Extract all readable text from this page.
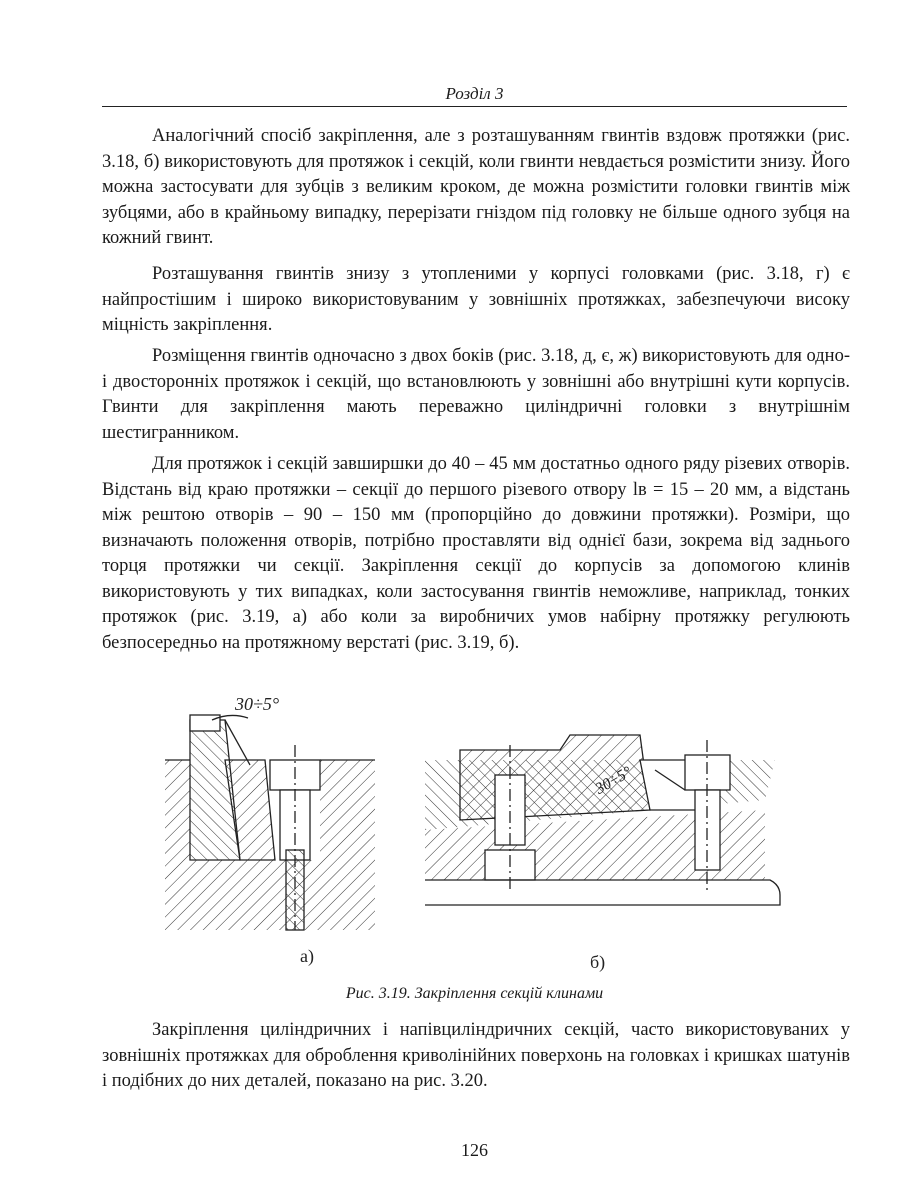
Розділ 3

Аналогічний спосіб закріплення, але з розташуванням гвинтів вздовж протяжки (рис. 3.18, б) використовують для протяжок і секцій, коли гвинти невдається розмістити знизу. Його можна застосувати для зубців з великим кроком, де можна розмістити головки гвинтів між зубцями, або в крайньому випадку, перерізати гніздом під головку не більше одного зубця на кожний гвинт.

Розташування гвинтів знизу з утопленими у корпусі головками (рис. 3.18, г) є найпростішим і широко використовуваним у зовнішніх протяжках, забезпечуючи високу міцність закріплення.

Розміщення гвинтів одночасно з двох боків (рис. 3.18, д, є, ж) використовують для одно- і двосторонніх протяжок і секцій, що встановлюють у зовнішні або внутрішні кути корпусів. Гвинти для закріплення мають переважно циліндричні головки з внутрішнім шестигранником.

Для протяжок і секцій завширшки до 40 – 45 мм достатньо одного ряду різевих отворів. Відстань від краю протяжки – секції до першого різевого отвору lв = 15 – 20 мм, а відстань між рештою отворів – 90 – 150 мм (пропорційно до довжини протяжки). Розміри, що визначають положення отворів, потрібно проставляти від однієї бази, зокрема від заднього торця протяжки чи секції. Закріплення секції до корпусів за допомогою клинів використовують у тих випадках, коли застосування гвинтів неможливе, наприклад, тонких протяжок (рис. 3.19, а) або коли за виробничих умов набірну протяжку регулюють безпосередньо на протяжному верстаті (рис. 3.19, б).

30÷5°
30÷5°
а)	б)
Рис. 3.19. Закріплення секцій клинами

Закріплення циліндричних і напівциліндричних секцій, часто використовуваних у зовнішніх протяжках для оброблення криволінійних поверхонь на головках і кришках шатунів і подібних до них деталей, показано на рис. 3.20.

126
